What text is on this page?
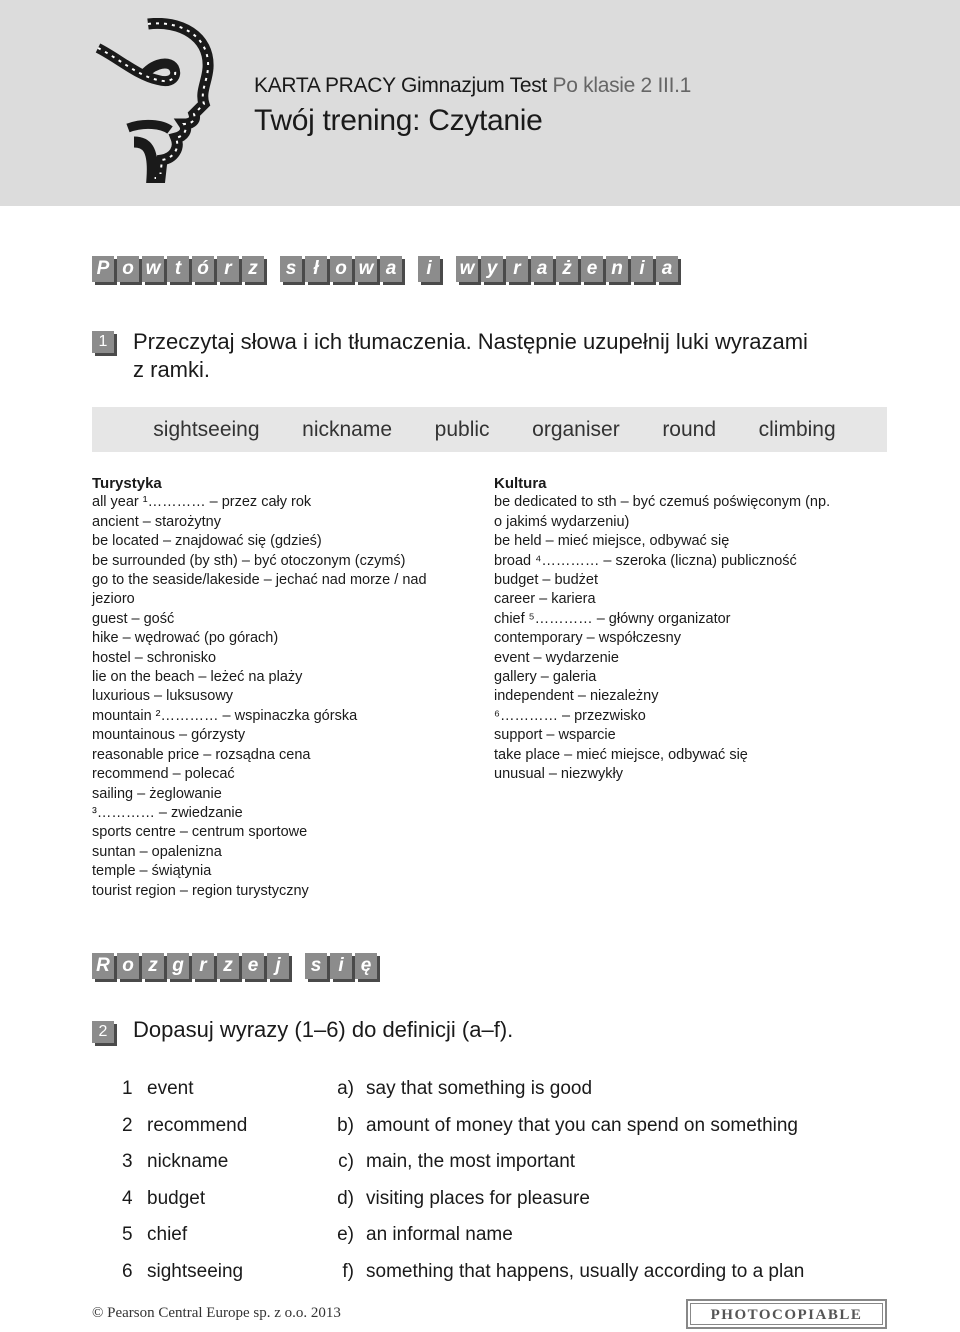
KARTA PRACY Gimnazjum Test Po klasie 2 III.1
Twój trening: Czytanie
P o w t ó r z	s ł o w a	i	w y r a ż e n i a
1 Przeczytaj słowa i ich tłumaczenia. Następnie uzupełnij luki wyrazami
z ramki.
sightseeing nickname public organiser round climbing

Turystyka

all year ¹………… – przez cały rok

ancient – starożytny

be located – znajdować się (gdzieś)

be surrounded (by sth) – być otoczonym (czymś)

go to the seaside/lakeside – jechać nad morze / nad

jezioro

guest – gość

hike – wędrować (po górach)

hostel – schronisko

lie on the beach – leżeć na plaży

luxurious – luksusowy

mountain ²………… – wspinaczka górska

mountainous – górzysty

reasonable price – rozsądna cena

recommend – polecać

sailing – żeglowanie

³………… – zwiedzanie

sports centre – centrum sportowe

suntan – opalenizna

temple – świątynia

tourist region – region turystyczny

Kultura

be dedicated to sth – być czemuś poświęconym (np.

o jakimś wydarzeniu)

be held – mieć miejsce, odbywać się

broad ⁴………… – szeroka (liczna) publiczność

budget – budżet

career – kariera

chief ⁵………… – główny organizator

contemporary – współczesny

event – wydarzenie

gallery – galeria

independent – niezależny

⁶………… – przezwisko

support – wsparcie

take place – mieć miejsce, odbywać się

unusual – niezwykły

R o z g r z e j	s i ę
2 Dopasuj wyrazy (1–6) do definicji (a–f).
1 event	a) say that something is good
2 recommend	b) amount of money that you can spend on something
3 nickname	c) main, the most important
4 budget	d) visiting places for pleasure
5 chief	e) an informal name
6 sightseeing	f) something that happens, usually according to a plan
© Pearson Central Europe sp. z o.o. 2013	PHOTOCOPIABLE
